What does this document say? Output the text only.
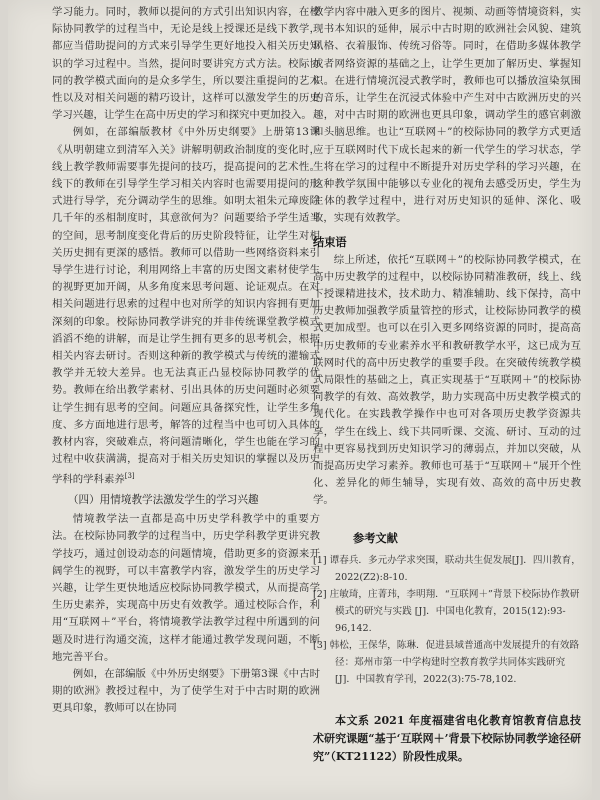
学习能力。同时，教师以提问的方式引出知识内容，在校际协同教学的过程当中，无论是线上授课还是线下教学，都应当借助提问的方式来引导学生更好地投入相关历史知识的学习过程中。当然，提问时要讲究方式方法。校际协同的教学模式面向的是众多学生，所以要注重提问的艺术性以及对相关问题的精巧设计，这样可以激发学生的历史学习兴趣，让学生在高中历史的学习和探究中更加投入。

例如，在部编版教材《中外历史纲要》上册第13课《从明朝建立到清军入关》讲解明朝政治制度的变化时，线上教学教师需要事先提问的技巧，提高提问的艺术性。线下的教师在引导学生学习相关内容时也需要用提问的形式进行导学，充分调动学生的思维。如明太祖朱元璋废除几千年的丞相制度时，其意欲何为？问题要给予学生适当的空间，思考制度变化背后的历史阶段特征，让学生对相关历史拥有更深的感悟。教师可以借助一些网络资料来引导学生进行讨论，利用网络上丰富的历史图文素材使学生的视野更加开阔，从多角度来思考问题、论证观点。在对相关问题进行思索的过程中也对所学的知识内容拥有更加深刻的印象。校际协同教学讲究的并非传统课堂教学模式滔滔不绝的讲解，而是让学生拥有更多的思考机会，根据相关内容去研讨。否则这种新的教学模式与传统的灌输式教学并无较大差异。也无法真正凸显校际协同教学的优势。教师在给出教学素材、引出具体的历史问题时必须要让学生拥有思考的空间。问题应具备探究性，让学生多角度、多方面地进行思考，解答的过程当中也可切入具体的教材内容，突破难点，将问题清晰化，学生也能在学习的过程中收获满满，提高对于相关历史知识的掌握以及历史学科的学科素养[3]

（四）用情境教学法激发学生的学习兴趣

情境教学法一直都是高中历史学科教学中的重要方法。在校际协同教学的过程当中，历史学科教学更讲究教学技巧，通过创设动态的问题情境，借助更多的资源来开阔学生的视野，可以丰富教学内容，激发学生的历史学习兴趣，让学生更快地适应校际协同教学模式，从而提高学生历史素养，实现高中历史有效教学。通过校际合作，利用“互联网＋”平台，将情境教学法教学过程中所遇到的问题及时进行沟通交流，这样才能通过教学发现问题，不断地完善平台。

例如，在部编版《中外历史纲要》下册第3课《中古时期的欧洲》教授过程中，为了使学生对于中古时期的欧洲更具印象，教师可以在协同

教学内容中融入更多的图片、视频、动画等情境资料，实现书本知识的延伸，展示中古时期的欧洲社会风貌、建筑风格、衣着服饰、传统习俗等。同时，在借助多媒体教学或者网络资源的基础之上，让学生更加了解历史、掌握知识。在进行情境沉浸式教学时，教师也可以播放渲染氛围的音乐，让学生在沉浸式体验中产生对中古欧洲历史的兴趣，对中古时期的欧洲也更具印象，调动学生的感官刺激和头脑思维。也让“互联网＋”的校际协同的教学方式更适应于互联网时代下成长起来的新一代学生的学习状态，学生将在学习的过程中不断提升对历史学科的学习兴趣，在这种教学氛围中能够以专业化的视角去感受历史，学生为主体的教学过程中，进行对历史知识的延伸、深化、吸收，实现有效教学。

结束语

综上所述，依托“互联网＋”的校际协同教学模式，在高中历史教学的过程中，以校际协同精准教研，线上、线下授课精进技术，技术助力、精准辅助、线下保持，高中历史教师加强教学质量管控的形式，让校际协同教学的模式更加成型。也可以在引入更多网络资源的同时，提高高中历史教师的专业素养水平和教研教学水平，这已成为互联网时代的高中历史教学的重要手段。在突破传统教学模式局限性的基础之上，真正实现基于“互联网＋”的校际协同教学的有效、高效教学，助力实现高中历史教学模式的现代化。在实践教学操作中也可对各项历史教学资源共享，学生在线上、线下共同听课、交流、研讨、互动的过程中更容易找到历史知识学习的薄弱点，并加以突破，从而提高历史学习素养。教师也可基于“互联网＋”展开个性化、差异化的师生辅导，实现有效、高效的高中历史教学。

参考文献
[1] 谭春兵．多元办学求突围，联动共生促发展[J]．四川教育，2022(Z2):8-10.
[2] 庄敏琦，庄菁玮，李明翔．“互联网＋”背景下校际协作教研模式的研究与实践 [J]．中国电化教育，2015(12):93-96,142.
[3] 韩松，王保华，陈琳．促进县域普通高中发展提升的有效路径：郑州市第一中学构建时空教育教学共同体实践研究 [J]．中国教育学刊，2022(3):75-78,102.
本文系 2021 年度福建省电化教育馆教育信息技术研究课题“基于‘互联网＋’背景下校际协同教学途径研究”（KT21122）阶段性成果。
